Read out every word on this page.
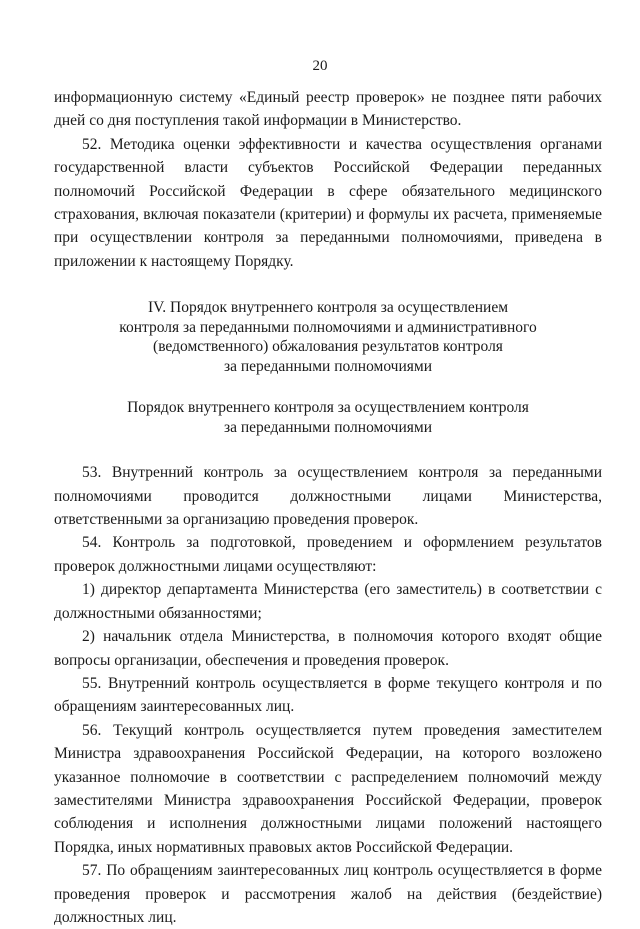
20

информационную систему «Единый реестр проверок» не позднее пяти рабочих дней со дня поступления такой информации в Министерство.

52. Методика оценки эффективности и качества осуществления органами государственной власти субъектов Российской Федерации переданных полномочий Российской Федерации в сфере обязательного медицинского страхования, включая показатели (критерии) и формулы их расчета, применяемые при осуществлении контроля за переданными полномочиями, приведена в приложении к настоящему Порядку.

IV. Порядок внутреннего контроля за осуществлением
контроля за переданными полномочиями и административного
(ведомственного) обжалования результатов контроля
за переданными полномочиями

Порядок внутреннего контроля за осуществлением контроля
за переданными полномочиями

53. Внутренний контроль за осуществлением контроля за переданными полномочиями проводится должностными лицами Министерства, ответственными за организацию проведения проверок.

54. Контроль за подготовкой, проведением и оформлением результатов проверок должностными лицами осуществляют:

1) директор департамента Министерства (его заместитель) в соответствии с должностными обязанностями;

2) начальник отдела Министерства, в полномочия которого входят общие вопросы организации, обеспечения и проведения проверок.

55. Внутренний контроль осуществляется в форме текущего контроля и по обращениям заинтересованных лиц.

56. Текущий контроль осуществляется путем проведения заместителем Министра здравоохранения Российской Федерации, на которого возложено указанное полномочие в соответствии с распределением полномочий между заместителями Министра здравоохранения Российской Федерации, проверок соблюдения и исполнения должностными лицами положений настоящего Порядка, иных нормативных правовых актов Российской Федерации.

57. По обращениям заинтересованных лиц контроль осуществляется в форме проведения проверок и рассмотрения жалоб на действия (бездействие) должностных лиц.
